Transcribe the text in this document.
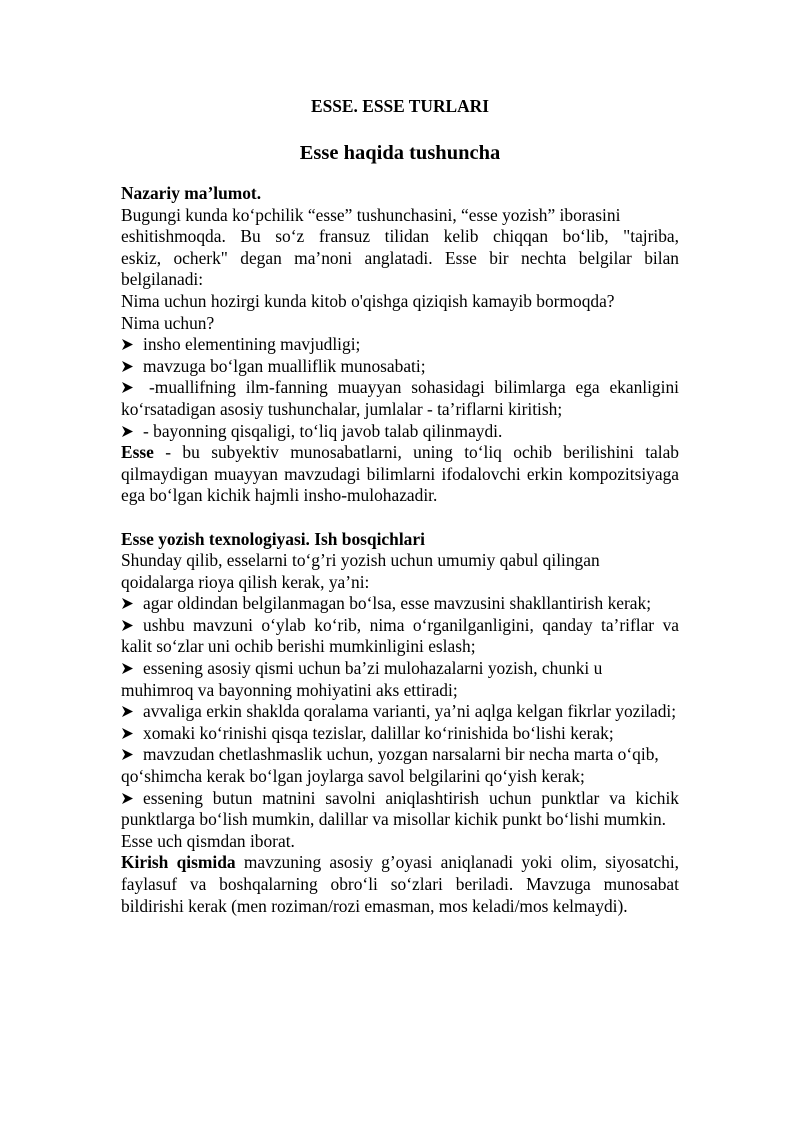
ESSE. ESSE TURLARI
Esse haqida tushuncha
Nazariy ma’lumot.

Bugungi kunda ko‘pchilik “esse” tushunchasini, “esse yozish” iborasini

eshitishmoqda. Bu so‘z fransuz tilidan kelib chiqqan bo‘lib, "tajriba,

eskiz, ocherk" degan ma’noni anglatadi. Esse bir nechta belgilar bilan

belgilanadi:

Nima uchun hozirgi kunda kitob o'qishga qiziqish kamayib bormoqda?

Nima uchun?

insho elementining mavjudligi;

mavzuga bo‘lgan mualliflik munosabati;

-muallifning ilm-fanning muayyan sohasidagi bilimlarga ega ekanligini ko‘rsatadigan asosiy tushunchalar, jumlalar - ta’riflarni kiritish;

- bayonning qisqaligi, to‘liq javob talab qilinmaydi.

Esse - bu subyektiv munosabatlarni, uning to‘liq ochib berilishini talab qilmaydigan muayyan mavzudagi bilimlarni ifodalovchi erkin kompozitsiyaga ega bo‘lgan kichik hajmli insho-mulohazadir.

Esse yozish texnologiyasi. Ish bosqichlari

Shunday qilib, esselarni to‘g’ri yozish uchun umumiy qabul qilingan qoidalarga rioya qilish kerak, ya’ni:

agar oldindan belgilanmagan bo‘lsa, esse mavzusini shakllantirish kerak;

ushbu mavzuni o‘ylab ko‘rib, nima o‘rganilganligini, qanday ta’riflar va kalit so‘zlar uni ochib berishi mumkinligini eslash;

essening asosiy qismi uchun ba’zi mulohazalarni yozish, chunki u muhimroq va bayonning mohiyatini aks ettiradi;

avvaliga erkin shaklda qoralama varianti, ya’ni aqlga kelgan fikrlar yoziladi;

xomaki ko‘rinishi qisqa tezislar, dalillar ko‘rinishida bo‘lishi kerak;

mavzudan chetlashmaslik uchun, yozgan narsalarni bir necha marta o‘qib,

qo‘shimcha kerak bo‘lgan joylarga savol belgilarini qo‘yish kerak;

essening butun matnini savolni aniqlashtirish uchun punktlar va kichik punktlarga bo‘lish mumkin, dalillar va misollar kichik punkt bo‘lishi mumkin.

Esse uch qismdan iborat.

Kirish qismida mavzuning asosiy g’oyasi aniqlanadi yoki olim, siyosatchi, faylasuf va boshqalarning obro‘li so‘zlari beriladi. Mavzuga munosabat bildirishi kerak (men roziman/rozi emasman, mos keladi/mos kelmaydi).
